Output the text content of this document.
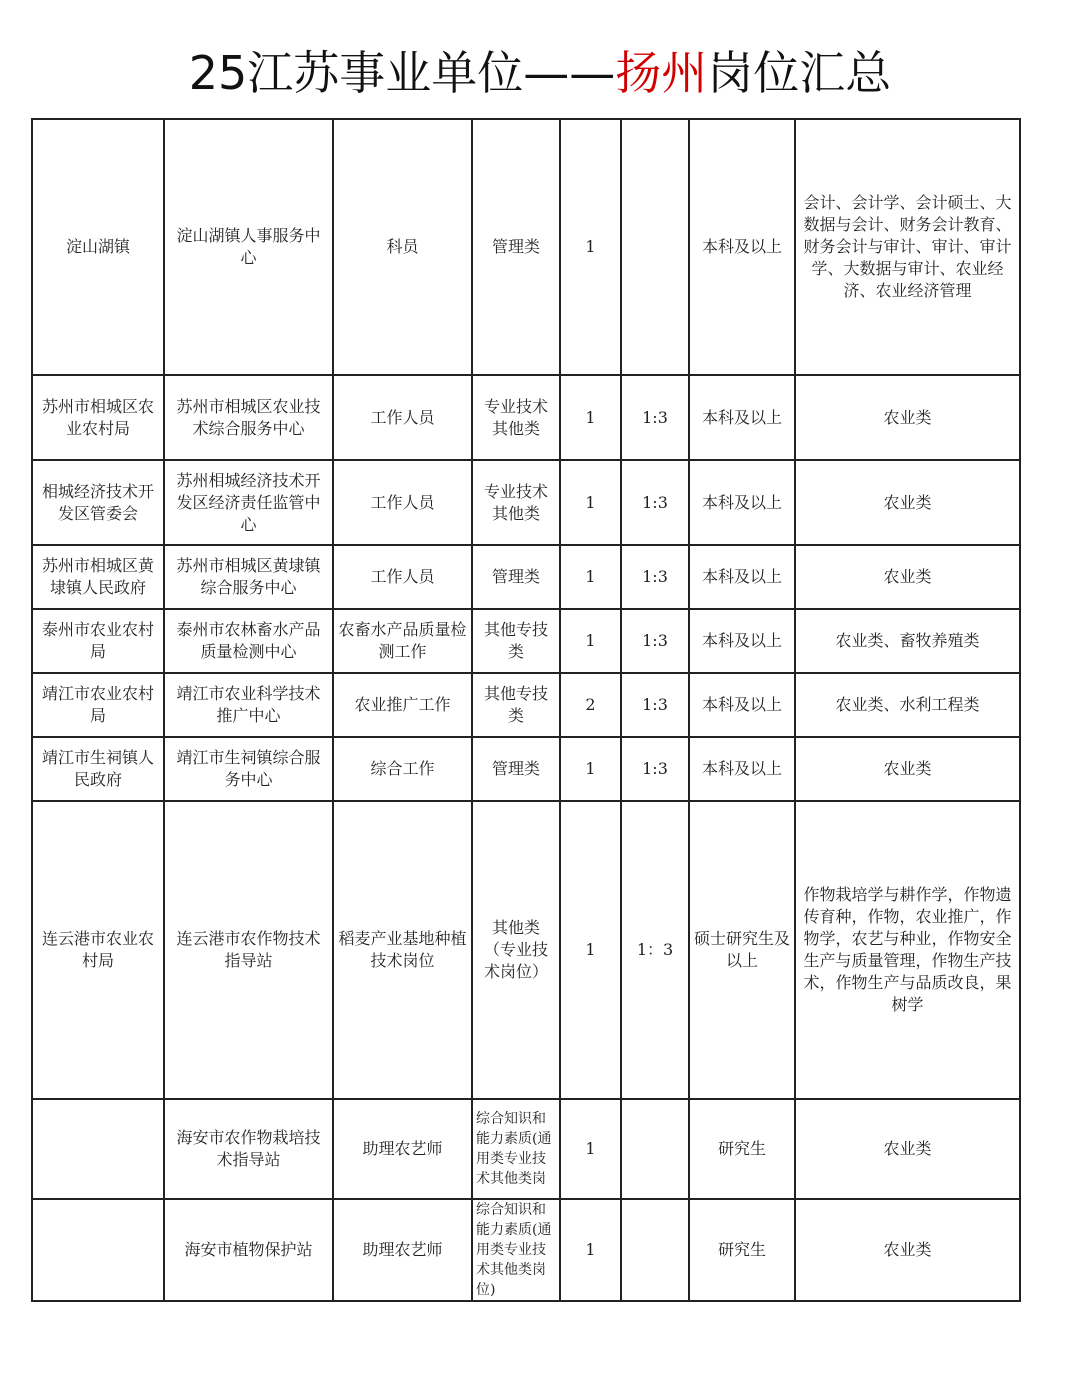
25江苏事业单位——扬州岗位汇总
淀山湖镇	淀山湖镇人事服务中心	科员	管理类	1		本科及以上	会计、会计学、会计硕士、大数据与会计、财务会计教育、财务会计与审计、审计、审计学、大数据与审计、农业经济、农业经济管理
苏州市相城区农业农村局	苏州市相城区农业技术综合服务中心	工作人员	专业技术其他类	1	1:3	本科及以上	农业类
相城经济技术开发区管委会	苏州相城经济技术开发区经济责任监管中心	工作人员	专业技术其他类	1	1:3	本科及以上	农业类
苏州市相城区黄埭镇人民政府	苏州市相城区黄埭镇综合服务中心	工作人员	管理类	1	1:3	本科及以上	农业类
泰州市农业农村局	泰州市农林畜水产品质量检测中心	农畜水产品质量检测工作	其他专技类	1	1:3	本科及以上	农业类、畜牧养殖类
靖江市农业农村局	靖江市农业科学技术推广中心	农业推广工作	其他专技类	2	1:3	本科及以上	农业类、水利工程类
靖江市生祠镇人民政府	靖江市生祠镇综合服务中心	综合工作	管理类	1	1:3	本科及以上	农业类
连云港市农业农村局	连云港市农作物技术指导站	稻麦产业基地种植技术岗位	其他类（专业技术岗位）	1	1：3	硕士研究生及以上	作物栽培学与耕作学，作物遗传育种，作物，农业推广，作物学，农艺与种业，作物安全生产与质量管理，作物生产技术，作物生产与品质改良，果树学
	海安市农作物栽培技术指导站	助理农艺师	综合知识和能力素质(通用类专业技术其他类岗	1		研究生	农业类
	海安市植物保护站	助理农艺师	综合知识和能力素质(通用类专业技术其他类岗位)	1		研究生	农业类
